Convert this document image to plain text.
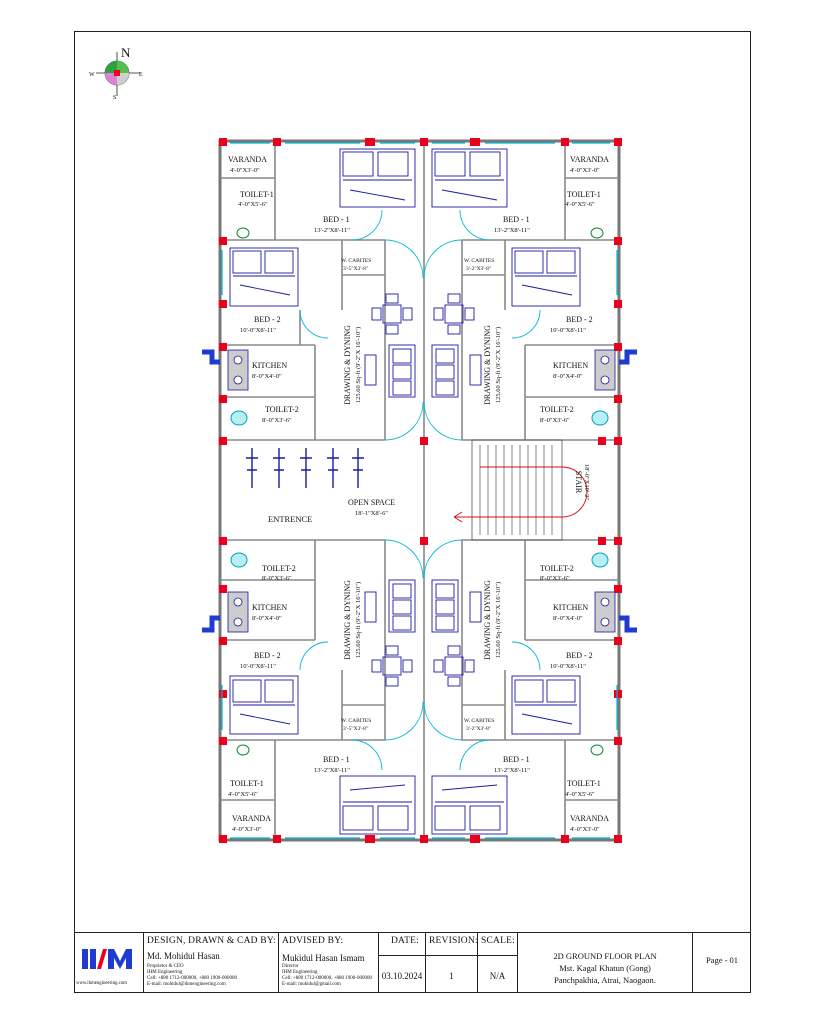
N
S
E
W
VARANDA
4'-0"X3'-0"
TOILET-1
4'-0"X5'-6"
BED - 1
13'-2"X8'-11"
W. CABITES
3'-5"X3'-8"
BED - 2
10'-0"X8'-11"
KITCHEN
8'-0"X4'-0"
TOILET-2
8'-0"X3'-6"
VARANDA
4'-0"X3'-0"
TOILET-1
4'-0"X5'-6"
BED - 1
13'-2"X8'-11"
W. CABITES
3'-2"X3'-8"
BED - 2
10'-0"X8'-11"
KITCHEN
8'-0"X4'-0"
TOILET-2
8'-0"X3'-6"
TOILET-2
8'-0"X3'-6"
KITCHEN
8'-0"X4'-0"
BED - 2
10'-0"X8'-11"
W. CABITES
3'-5"X3'-8"
BED - 1
13'-2"X8'-11"
TOILET-1
4'-0"X5'-6"
VARANDA
4'-0"X3'-0"
TOILET-2
8'-0"X3'-6"
KITCHEN
8'-0"X4'-0"
BED - 2
10'-0"X8'-11"
W. CABITES
3'-2"X3'-8"
BED - 1
13'-2"X8'-11"
TOILET-1
4'-0"X5'-6"
VARANDA
4'-0"X3'-0"
OPEN SPACE
18'-1"X8'-6"
ENTRENCE
STAIR 18'-0"X10'-2"
DRAWING & DYNING 125.60 Sq-ft (9'-2"X 16'-10")	DRAWING & DYNING 125.60 Sq-ft (9'-2"X 16'-10")
DRAWING & DYNING 125.60 Sq-ft (9'-2"X 16'-10")	DRAWING & DYNING 125.60 Sq-ft (9'-2"X 16'-10")
www.ihmengineering.com
DESIGN, DRAWN & CAD BY:
Md. Mohidul Hasan
Proprietor & CEO
IHM Engineering
Cell: +880 1712-000000, +880 1900-000000
E-mail: mohidul@ihmengineering.com
ADVISED BY:
Mukidul Hasan Ismam
Director
IHM Engineering
Cell: +880 1712-000000, +880 1900-000000
E-mail: mukidul@gmail.com
DATE:
03.10.2024
REVISION:
1
SCALE:
N/A
2D GROUND FLOOR PLAN
Mst. Kagal Khatun (Gong)
Panchpakhia, Atrai, Naogaon.
Page - 01
